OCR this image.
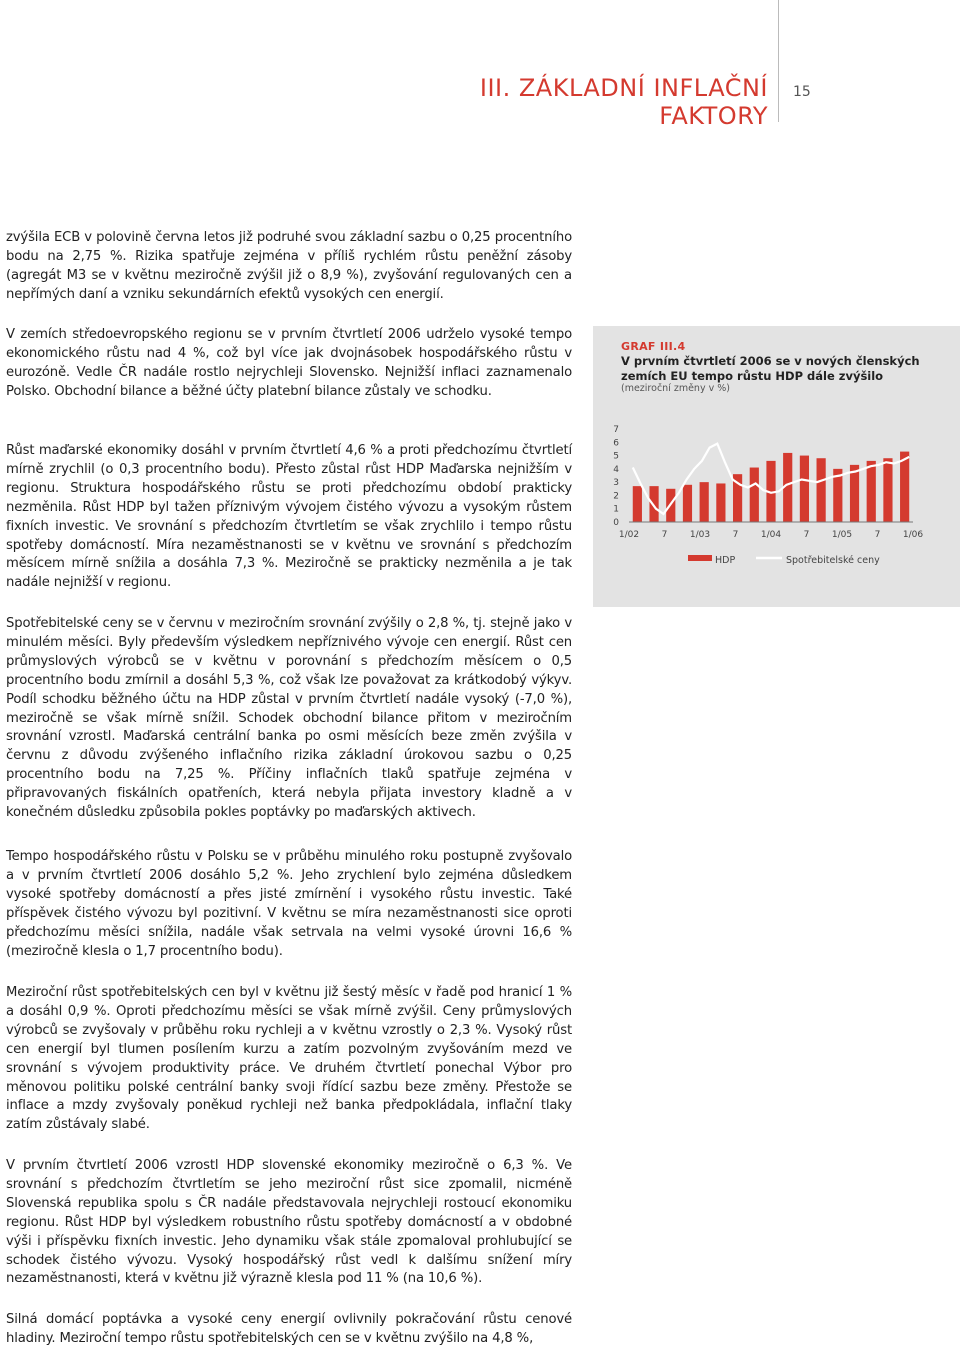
III. ZÁKLADNÍ INFLAČNÍ FAKTORY
15

zvýšila ECB v polovině června letos již podruhé svou základní sazbu o 0,25 procentního bodu na 2,75 %. Rizika spatřuje zejména v příliš rychlém růstu peněžní zásoby (agregát M3 se v květnu meziročně zvýšil již o 8,9 %), zvyšování regulovaných cen a nepřímých daní a vzniku sekundárních efektů vysokých cen energií.

V zemích středoevropského regionu se v prvním čtvrtletí 2006 udrželo vysoké tempo ekonomického růstu nad 4 %, což byl více jak dvojnásobek hospodářského růstu v eurozóně. Vedle ČR nadále rostlo nejrychleji Slovensko. Nejnižší inflaci zaznamenalo Polsko. Obchodní bilance a běžné účty platební bilance zůstaly ve schodku.

Růst maďarské ekonomiky dosáhl v prvním čtvrtletí 4,6 % a proti předchozímu čtvrtletí mírně zrychlil (o 0,3 procentního bodu). Přesto zůstal růst HDP Maďarska nejnižším v regionu. Struktura hospodářského růstu se proti předchozímu období prakticky nezměnila. Růst HDP byl tažen příznivým vývojem čistého vývozu a vysokým růstem fixních investic. Ve srovnání s předchozím čtvrtletím se však zrychlilo i tempo růstu spotřeby domácností. Míra nezaměstnanosti se v květnu ve srovnání s předchozím měsícem mírně snížila a dosáhla 7,3 %. Meziročně se prakticky nezměnila a je tak nadále nejnižší v regionu.

Spotřebitelské ceny se v červnu v meziročním srovnání zvýšily o 2,8 %, tj. stejně jako v minulém měsíci. Byly především výsledkem nepříznivého vývoje cen energií. Růst cen průmyslových výrobců se v květnu v porovnání s předchozím měsícem o 0,5 procentního bodu zmírnil a dosáhl 5,3 %, což však lze považovat za krátkodobý výkyv. Podíl schodku běžného účtu na HDP zůstal v prvním čtvrtletí nadále vysoký (-7,0 %), meziročně se však mírně snížil. Schodek obchodní bilance přitom v meziročním srovnání vzrostl. Maďarská centrální banka po osmi měsících beze změn zvýšila v červnu z důvodu zvýšeného inflačního rizika základní úrokovou sazbu o 0,25 procentního bodu na 7,25 %. Příčiny inflačních tlaků spatřuje zejména v připravovaných fiskálních opatřeních, která nebyla přijata investory kladně a v konečném důsledku způsobila pokles poptávky po maďarských aktivech.

Tempo hospodářského růstu v Polsku se v průběhu minulého roku postupně zvyšovalo a v prvním čtvrtletí 2006 dosáhlo 5,2 %. Jeho zrychlení bylo zejména důsledkem vysoké spotřeby domácností a přes jisté zmírnění i vysokého růstu investic. Také příspěvek čistého vývozu byl pozitivní. V květnu se míra nezaměstnanosti sice oproti předchozímu měsíci snížila, nadále však setrvala na velmi vysoké úrovni 16,6 % (meziročně klesla o 1,7 procentního bodu).

Meziroční růst spotřebitelských cen byl v květnu již šestý měsíc v řadě pod hranicí 1 % a dosáhl 0,9 %. Oproti předchozímu měsíci se však mírně zvýšil. Ceny průmyslových výrobců se zvyšovaly v průběhu roku rychleji a v květnu vzrostly o 2,3 %. Vysoký růst cen energií byl tlumen posílením kurzu a zatím pozvolným zvyšováním mezd ve srovnání s vývojem produktivity práce. Ve druhém čtvrtletí ponechal Výbor pro měnovou politiku polské centrální banky svoji řídící sazbu beze změny. Přestože se inflace a mzdy zvyšovaly poněkud rychleji než banka předpokládala, inflační tlaky zatím zůstávaly slabé.

V prvním čtvrtletí 2006 vzrostl HDP slovenské ekonomiky meziročně o 6,3 %. Ve srovnání s předchozím čtvrtletím se jeho meziroční růst sice zpomalil, nicméně Slovenská republika spolu s ČR nadále představovala nejrychleji rostoucí ekonomiku regionu. Růst HDP byl výsledkem robustního růstu spotřeby domácností a v obdobné výši i příspěvku fixních investic. Jeho dynamiku však stále zpomaloval prohlubující se schodek čistého vývozu. Vysoký hospodářský růst vedl k dalšímu snížení míry nezaměstnanosti, která v květnu již výrazně klesla pod 11 % (na 10,6 %).

Silná domácí poptávka a vysoké ceny energií ovlivnily pokračování růstu cenové hladiny. Meziroční tempo růstu spotřebitelských cen se v květnu zvýšilo na 4,8 %,

GRAF III.4
V prvním čtvrtletí 2006 se v nových členských zemích EU tempo růstu HDP dále zvýšilo
(meziroční změny v %)
0
1
2
3
4
5
6
7
1/02	7	1/03	7	1/04	7	1/05	7	1/06
HDP	Spotřebitelské ceny
